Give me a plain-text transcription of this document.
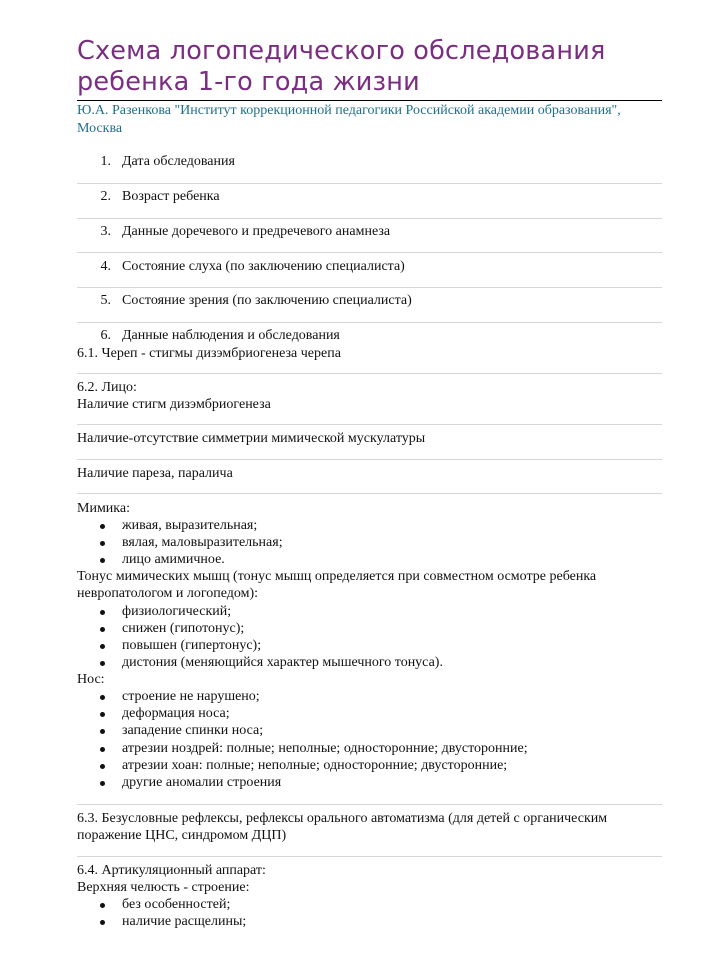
Схема логопедического обследования ребенка 1-го года жизни
Ю.А. Разенкова "Институт коррекционной педагогики Российской академии образования", Москва
1. Дата обследования
2. Возраст ребенка
3. Данные доречевого и предречевого анамнеза
4. Состояние слуха (по заключению специалиста)
5. Состояние зрения (по заключению специалиста)
6. Данные наблюдения и обследования
6.1. Череп - стигмы дизэмбриогенеза черепа
6.2. Лицо:
Наличие стигм дизэмбриогенеза
Наличие-отсутствие симметрии мимической мускулатуры
Наличие пареза, паралича
Мимика:
живая, выразительная;
вялая, маловыразительная;
лицо амимичное.
Тонус мимических мышц (тонус мышц определяется при совместном осмотре ребенка невропатологом и логопедом):
физиологический;
снижен (гипотонус);
повышен (гипертонус);
дистония (меняющийся характер мышечного тонуса).
Нос:
строение не нарушено;
деформация носа;
западение спинки носа;
атрезии ноздрей: полные; неполные; односторонние; двусторонние;
атрезии хоан: полные; неполные; односторонние; двусторонние;
другие аномалии строения
6.3. Безусловные рефлексы, рефлексы орального автоматизма (для детей с органическим поражение ЦНС, синдромом ДЦП)
6.4. Артикуляционный аппарат:
Верхняя челюсть - строение:
без особенностей;
наличие расщелины;
